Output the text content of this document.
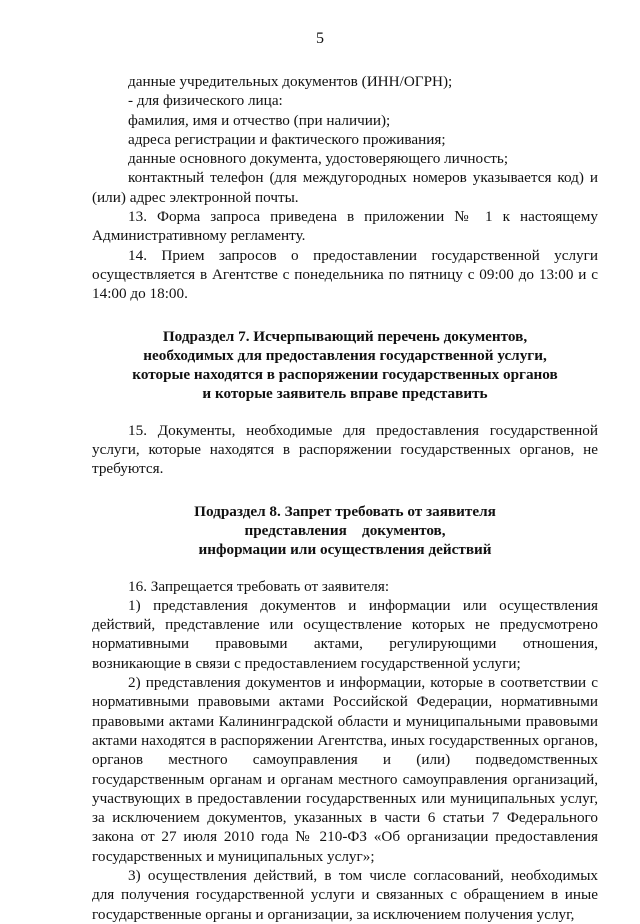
5

данные учредительных документов (ИНН/ОГРН);

- для физического лица:

фамилия, имя и отчество (при наличии);

адреса регистрации и фактического проживания;

данные основного документа, удостоверяющего личность;

контактный телефон (для междугородных номеров указывается код) и (или) адрес электронной почты.

13. Форма запроса приведена в приложении № 1 к настоящему Административному регламенту.

14. Прием запросов о предоставлении государственной услуги осуществляется в Агентстве с понедельника по пятницу с 09:00 до 13:00 и с 14:00 до 18:00.

Подраздел 7. Исчерпывающий перечень документов,
необходимых для предоставления государственной услуги,
которые находятся в распоряжении государственных органов
и которые заявитель вправе представить

15. Документы, необходимые для предоставления государственной услуги, которые находятся в распоряжении государственных органов, не требуются.

Подраздел 8. Запрет требовать от заявителя
представления    документов,
информации или осуществления действий

16. Запрещается требовать от заявителя:

1) представления документов и информации или осуществления действий, представление или осуществление которых не предусмотрено нормативными правовыми актами, регулирующими отношения, возникающие в связи с предоставлением государственной услуги;

2) представления документов и информации, которые в соответствии с нормативными правовыми актами Российской Федерации, нормативными правовыми актами Калининградской области и муниципальными правовыми актами находятся в распоряжении Агентства, иных государственных органов, органов местного самоуправления и (или) подведомственных государственным органам и органам местного самоуправления организаций, участвующих в предоставлении государственных или муниципальных услуг, за исключением документов, указанных в части 6 статьи 7 Федерального закона от 27 июля 2010 года № 210-ФЗ «Об организации предоставления государственных и муниципальных услуг»;

3) осуществления действий, в том числе согласований, необходимых для получения государственной услуги и связанных с обращением в иные государственные органы и организации, за исключением получения услуг,
